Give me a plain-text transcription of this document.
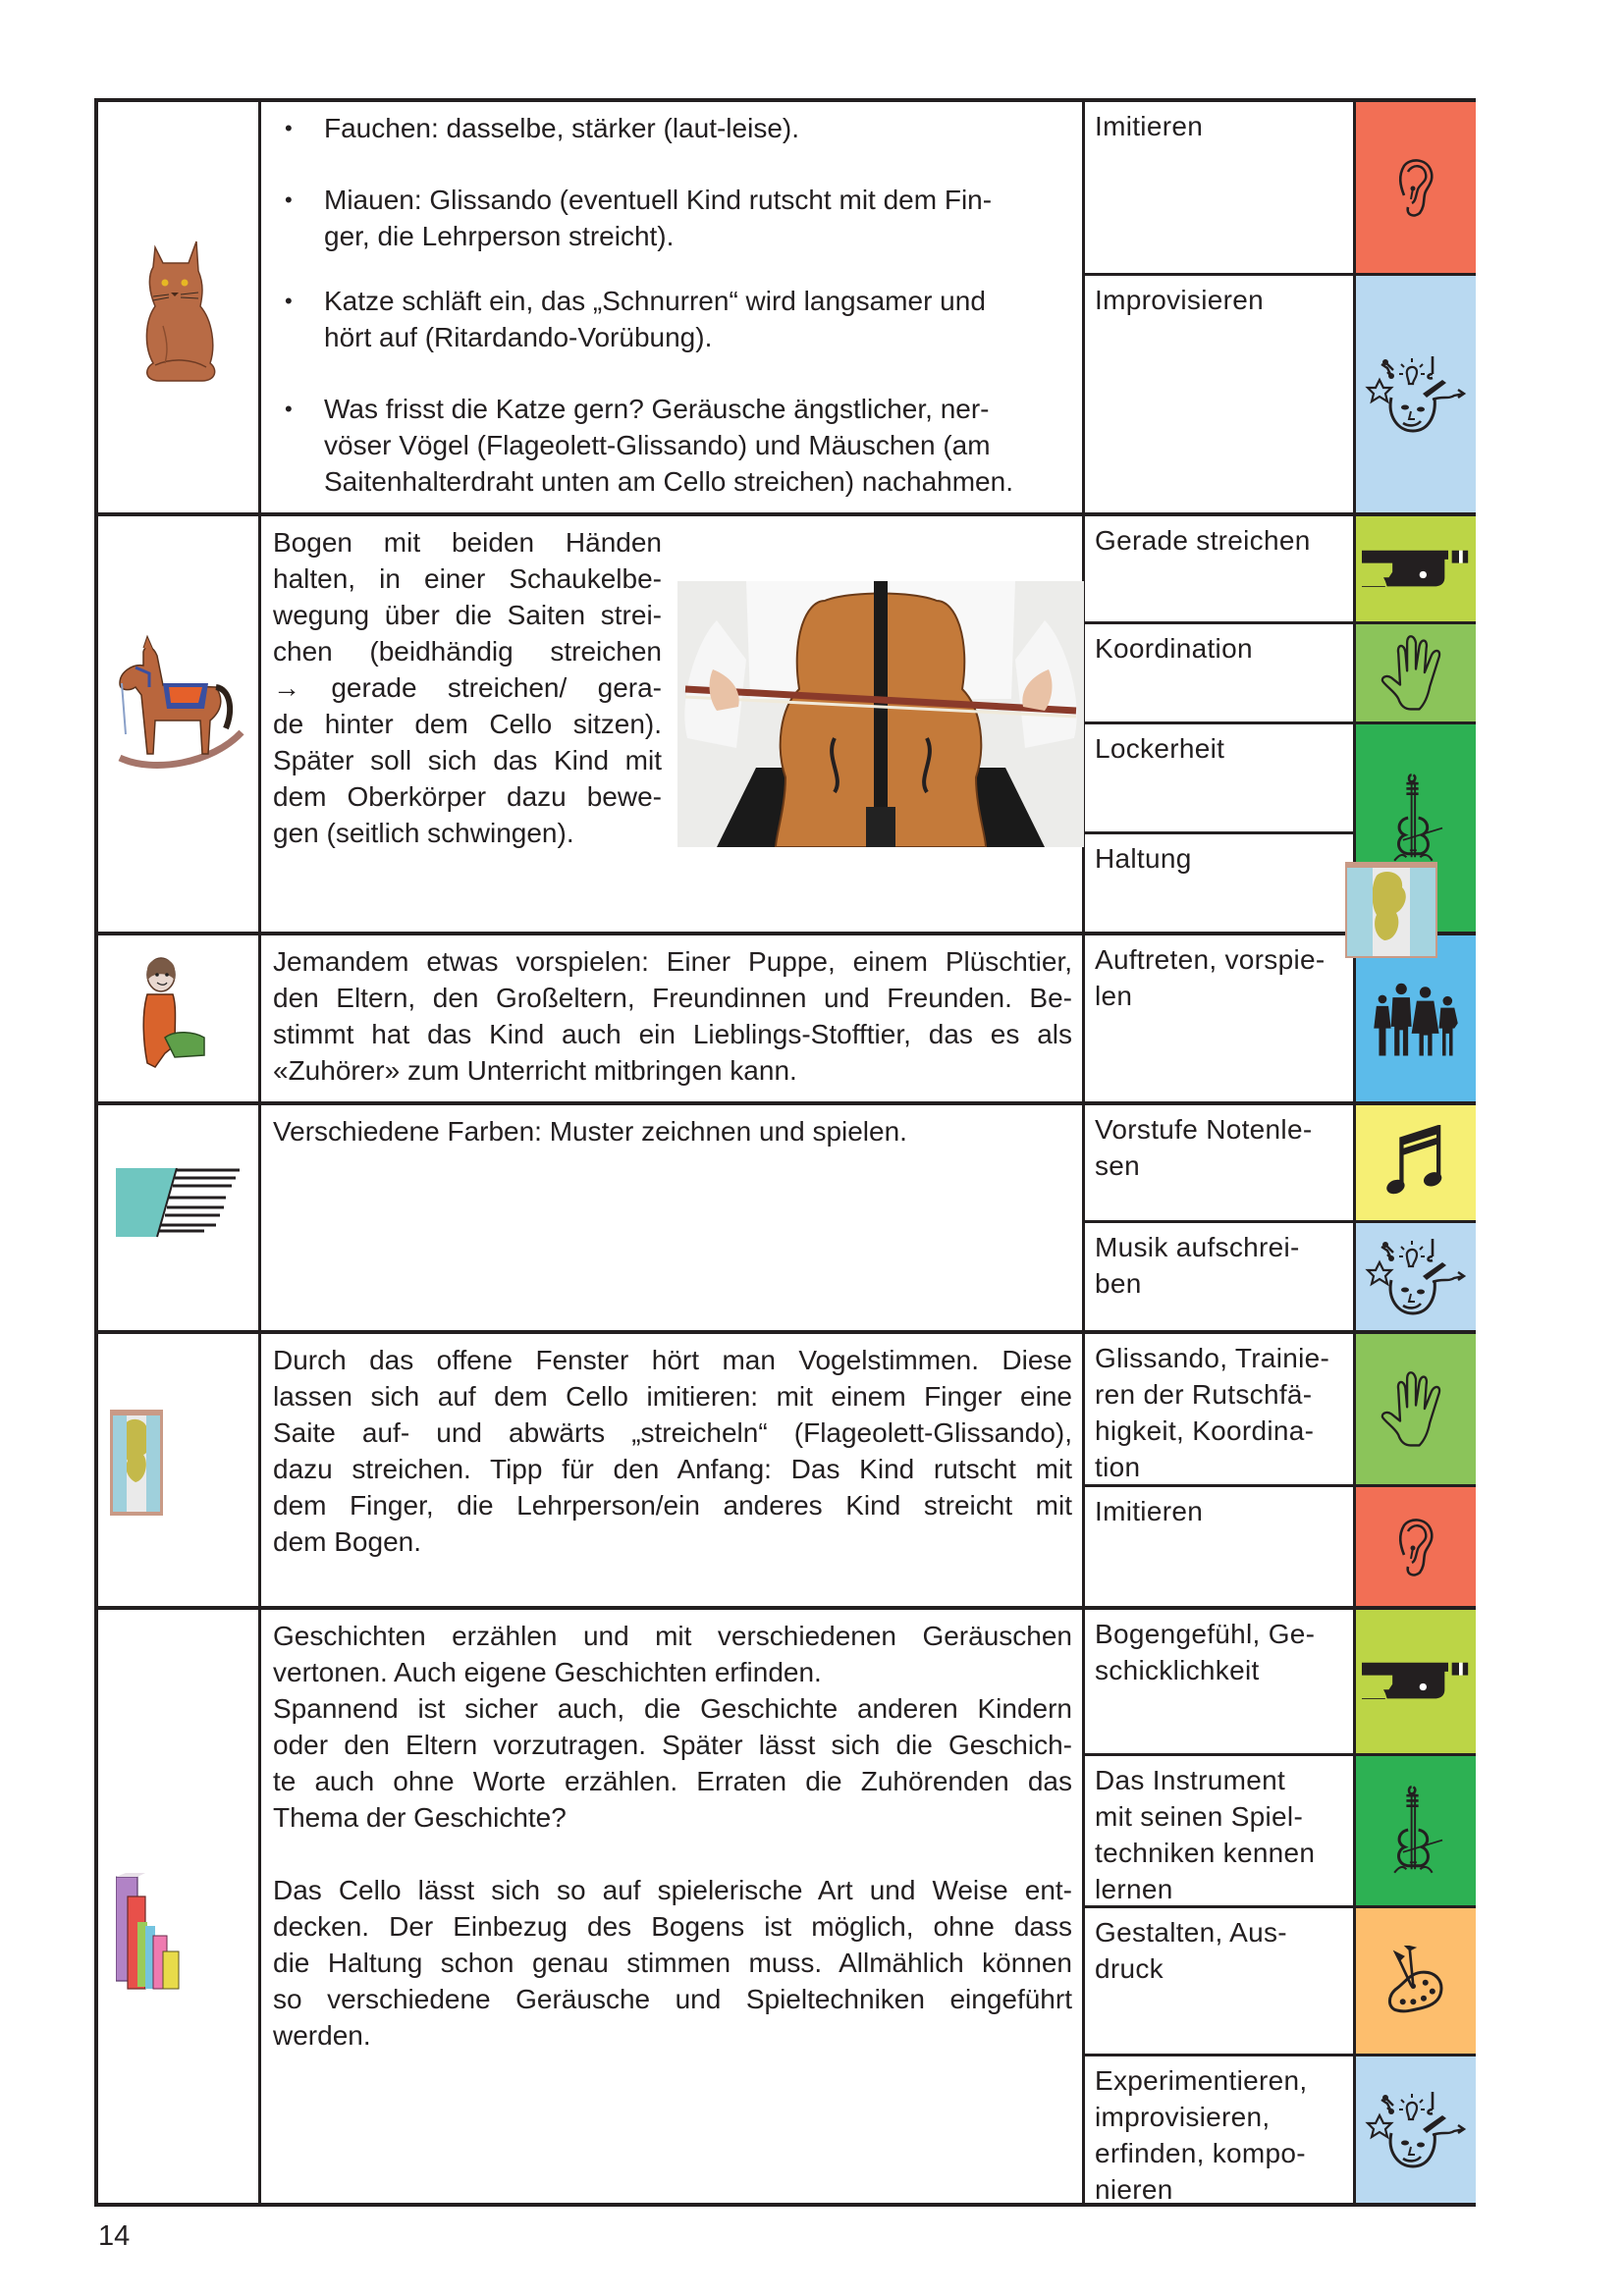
• Fauchen: dasselbe, stärker (laut-leise).
• Miauen: Glissando (eventuell Kind rutscht mit dem Fin-
ger, die Lehrperson streicht).
• Katze schläft ein, das „Schnurren“ wird langsamer und
hört auf (Ritardando-Vorübung).
• Was frisst die Katze gern? Geräusche ängstlicher, ner-
vöser Vögel (Flageolett-Glissando) und Mäuschen (am
Saitenhalterdraht unten am Cello streichen) nachahmen.
Imitieren
Improvisieren
Bogen mit beiden Händen
halten, in einer Schaukelbe-
wegung über die Saiten strei-
chen (beidhändig streichen
→ gerade streichen/ gera-
de hinter dem Cello sitzen).
Später soll sich das Kind mit
dem Oberkörper dazu bewe-
gen (seitlich schwingen).
Gerade streichen
Koordination
Lockerheit
Haltung
Jemandem etwas vorspielen: Einer Puppe, einem Plüschtier,
den Eltern, den Großeltern, Freundinnen und Freunden. Be-
stimmt hat das Kind auch ein Lieblings-Stofftier, das es als
«Zuhörer» zum Unterricht mitbringen kann.
Auftreten, vorspie-
len
Verschiedene Farben: Muster zeichnen und spielen.	Vorstufe Notenle-
sen
Musik aufschrei-
ben
Durch das offene Fenster hört man Vogelstimmen. Diese
lassen sich auf dem Cello imitieren: mit einem Finger eine
Saite auf- und abwärts „streicheln“ (Flageolett-Glissando),
dazu streichen. Tipp für den Anfang: Das Kind rutscht mit
dem Finger, die Lehrperson/ein anderes Kind streicht mit
dem Bogen.
Glissando, Trainie-
ren der Rutschfä-
higkeit, Koordina-
tion
Imitieren
Geschichten erzählen und mit verschiedenen Geräuschen
vertonen. Auch eigene Geschichten erfinden.
Spannend ist sicher auch, die Geschichte anderen Kindern
oder den Eltern vorzutragen. Später lässt sich die Geschich-
te auch ohne Worte erzählen. Erraten die Zuhörenden das
Thema der Geschichte?
Das Cello lässt sich so auf spielerische Art und Weise ent-
decken. Der Einbezug des Bogens ist möglich, ohne dass
die Haltung schon genau stimmen muss. Allmählich können
so verschiedene Geräusche und Spieltechniken eingeführt
werden.
Bogengefühl, Ge-
schicklichkeit
Das Instrument
mit seinen Spiel-
techniken kennen
lernen
Gestalten, Aus-
druck
Experimentieren,
improvisieren,
erfinden, kompo-
nieren
14
